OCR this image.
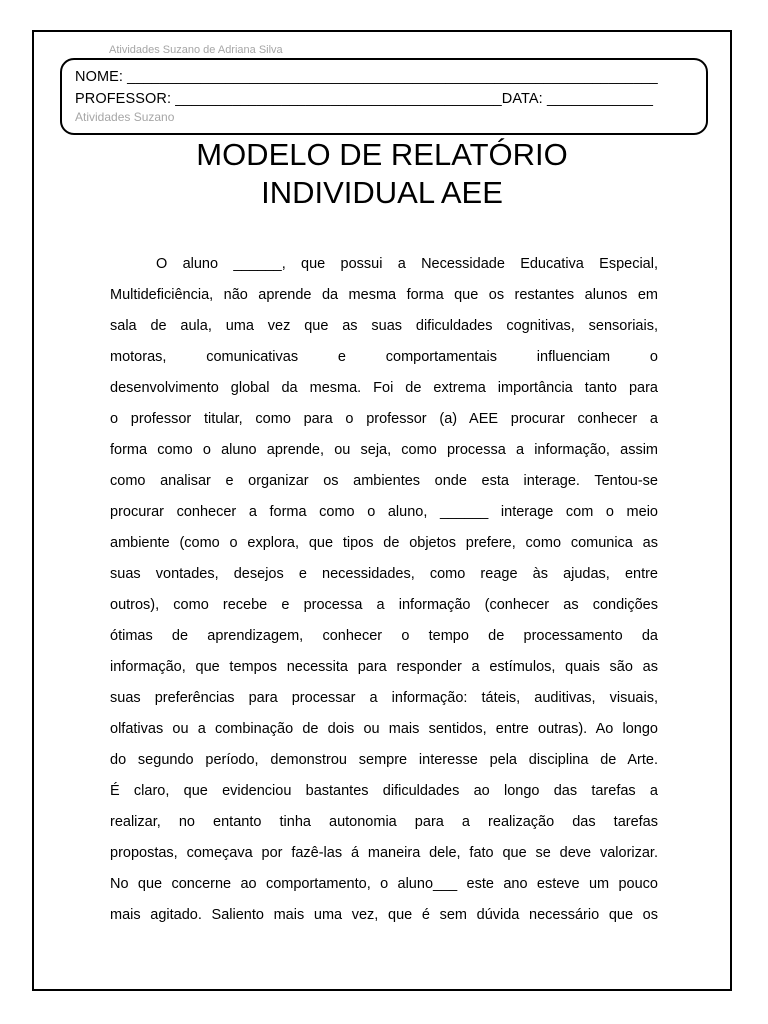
Atividades Suzano de Adriana Silva
NOME: _________________________________________________________________
PROFESSOR: ________________________________________DATA: _____________
Atividades Suzano
MODELO DE RELATÓRIO
INDIVIDUAL AEE
O aluno ______, que possui a Necessidade Educativa Especial,
Multideficiência, não aprende da mesma forma que os restantes alunos em
sala de aula, uma vez que as suas dificuldades cognitivas, sensoriais,
motoras, comunicativas e comportamentais influenciam o
desenvolvimento global da mesma. Foi de extrema importância tanto para
o professor titular, como para o professor (a) AEE procurar conhecer a
forma como o aluno aprende, ou seja, como processa a informação, assim
como analisar e organizar os ambientes onde esta interage. Tentou-se
procurar conhecer a forma como o aluno, ______ interage com o meio
ambiente (como o explora, que tipos de objetos prefere, como comunica as
suas vontades, desejos e necessidades, como reage às ajudas, entre
outros), como recebe e processa a informação (conhecer as condições
ótimas de aprendizagem, conhecer o tempo de processamento da
informação, que tempos necessita para responder a estímulos, quais são as
suas preferências para processar a informação: táteis, auditivas, visuais,
olfativas ou a combinação de dois ou mais sentidos, entre outras). Ao longo
do segundo período, demonstrou sempre interesse pela disciplina de Arte.
É claro, que evidenciou bastantes dificuldades ao longo das tarefas a
realizar, no entanto tinha autonomia para a realização das tarefas
propostas, começava por fazê-las á maneira dele, fato que se deve valorizar.
No que concerne ao comportamento, o aluno___ este ano esteve um pouco
mais agitado. Saliento mais uma vez, que é sem dúvida necessário que os
